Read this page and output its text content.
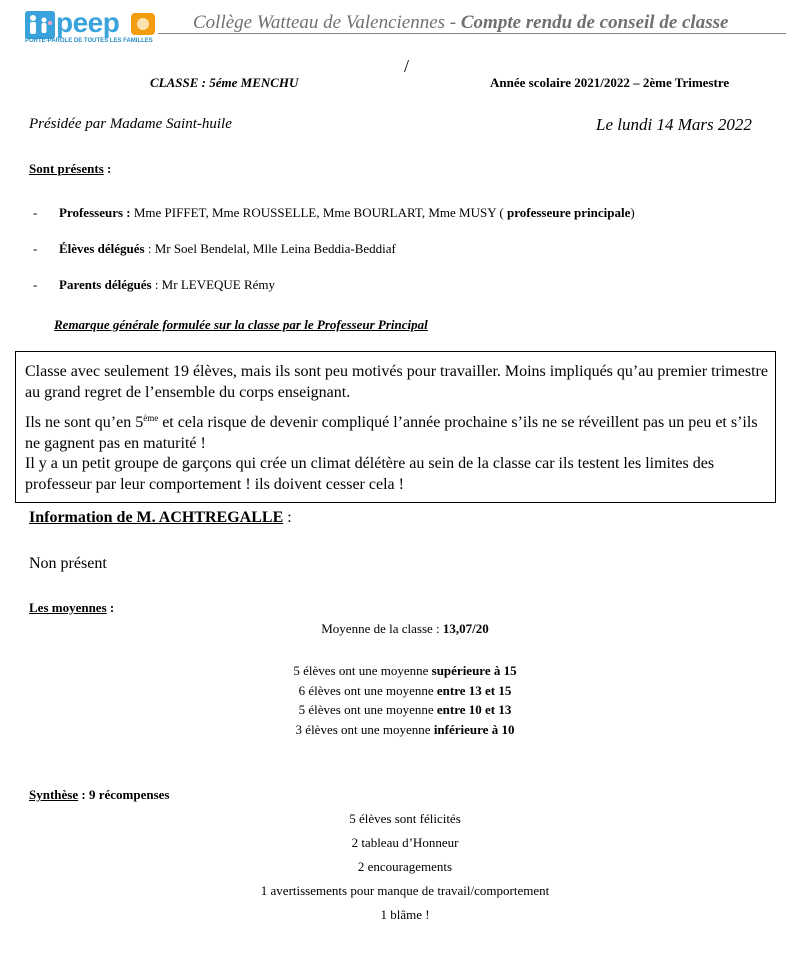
peep
PORTE-PAROLE DE TOUTES LES FAMILLES
Collège Watteau de Valenciennes - Compte rendu de conseil de classe
/
CLASSE : 5éme MENCHU	Année scolaire 2021/2022 – 2ème Trimestre
Présidée par Madame Saint-huile	Le lundi 14 Mars 2022
Sont présents :
- Professeurs : Mme PIFFET, Mme ROUSSELLE, Mme BOURLART, Mme MUSY ( professeure principale)
- Élèves délégués : Mr Soel Bendelal, Mlle Leina Beddia-Beddiaf
- Parents délégués : Mr LEVEQUE Rémy
Remarque générale formulée sur la classe par le Professeur Principal

Classe avec seulement 19 élèves, mais ils sont peu motivés pour travailler. Moins impliqués qu’au premier trimestre au grand regret de l’ensemble du corps enseignant.

Ils ne sont qu’en 5ème et cela risque de devenir compliqué l’année prochaine s’ils ne se réveillent pas un peu et s’ils ne gagnent pas en maturité !

Il y a un petit groupe de garçons qui crée un climat délétère au sein de la classe car ils testent les limites des professeur par leur comportement ! ils doivent cesser cela !

Information de M. ACHTREGALLE :
Non présent
Les moyennes :
Moyenne de la classe : 13,07/20
5 élèves ont une moyenne supérieure à 15
6 élèves ont une moyenne entre 13 et 15
5 élèves ont une moyenne entre 10 et 13
3 élèves ont une moyenne inférieure à 10
Synthèse : 9 récompenses
5 élèves sont félicités
2 tableau d’Honneur
2 encouragements
1 avertissements pour manque de travail/comportement
1 blâme !
